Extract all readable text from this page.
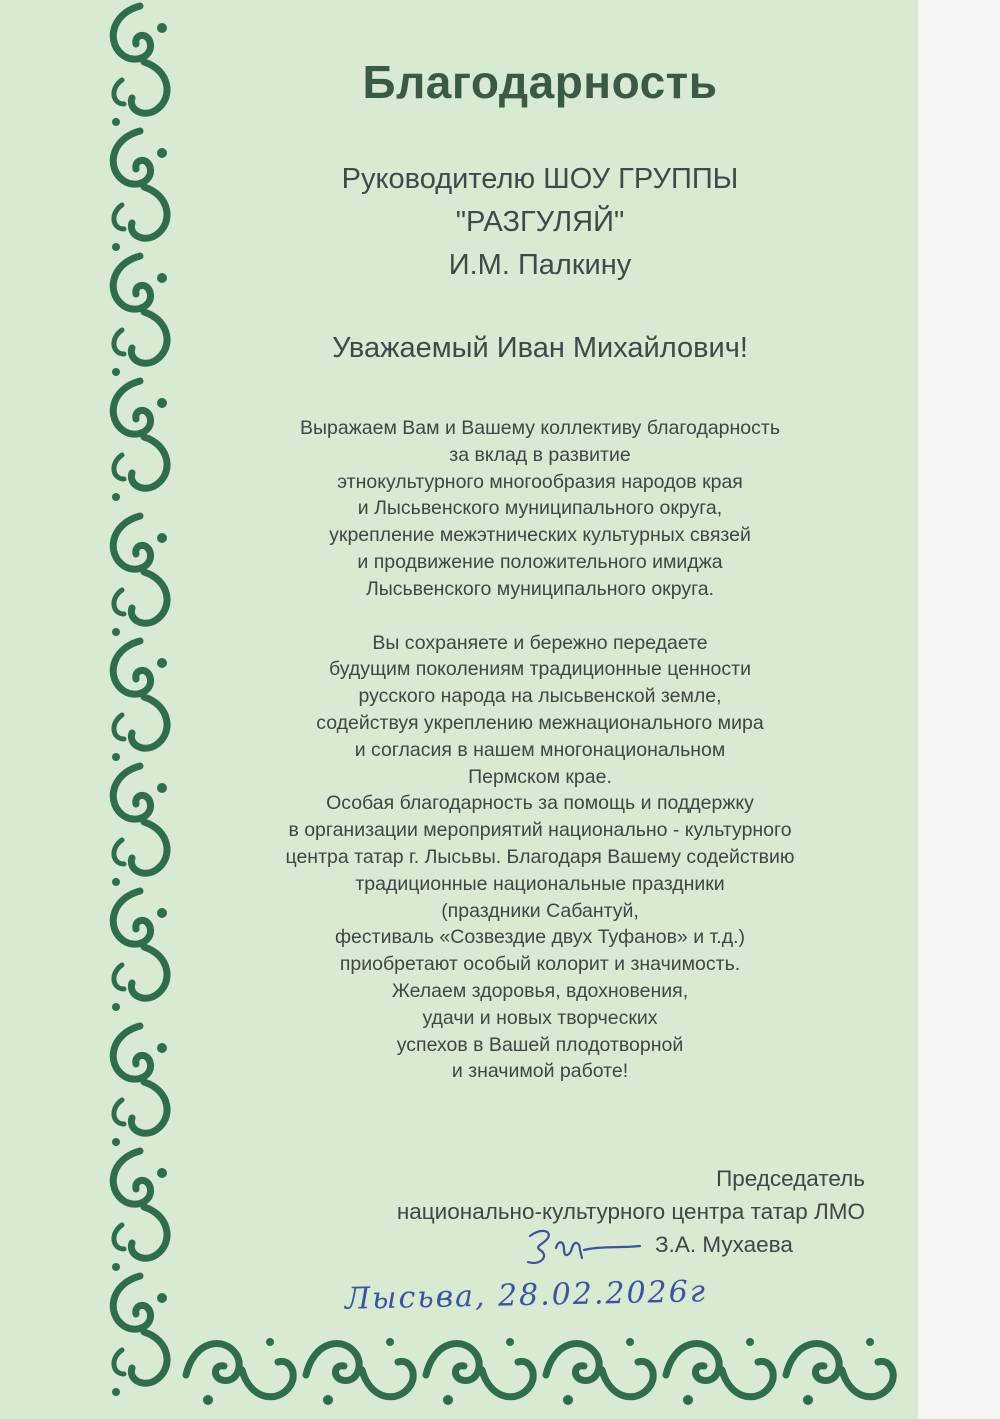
Благодарность
Руководителю ШОУ ГРУППЫ
"РАЗГУЛЯЙ"
И.М. Палкину
Уважаемый Иван Михайлович!
Выражаем Вам и Вашему коллективу благодарность
за вклад в развитие
этнокультурного многообразия народов края
и Лысьвенского муниципального округа,
укрепление межэтнических культурных связей
и продвижение положительного имиджа
Лысьвенского муниципального округа.
Вы сохраняете и бережно передаете
будущим поколениям традиционные ценности
русского народа на лысьвенской земле,
содействуя укреплению межнационального мира
и согласия в нашем многонациональном
Пермском крае.
Особая благодарность за помощь и поддержку
в организации мероприятий национально - культурного
центра татар г. Лысьвы. Благодаря Вашему содействию
традиционные национальные праздники
(праздники Сабантуй,
фестиваль «Созвездие двух Туфанов» и т.д.)
приобретают особый колорит и значимость.
Желаем здоровья, вдохновения,
удачи и новых творческих
успехов в Вашей плодотворной
и значимой работе!
Председатель
национально-культурного центра татар ЛМО
З.А. Мухаева
Лысьва, 28.02.2026г
